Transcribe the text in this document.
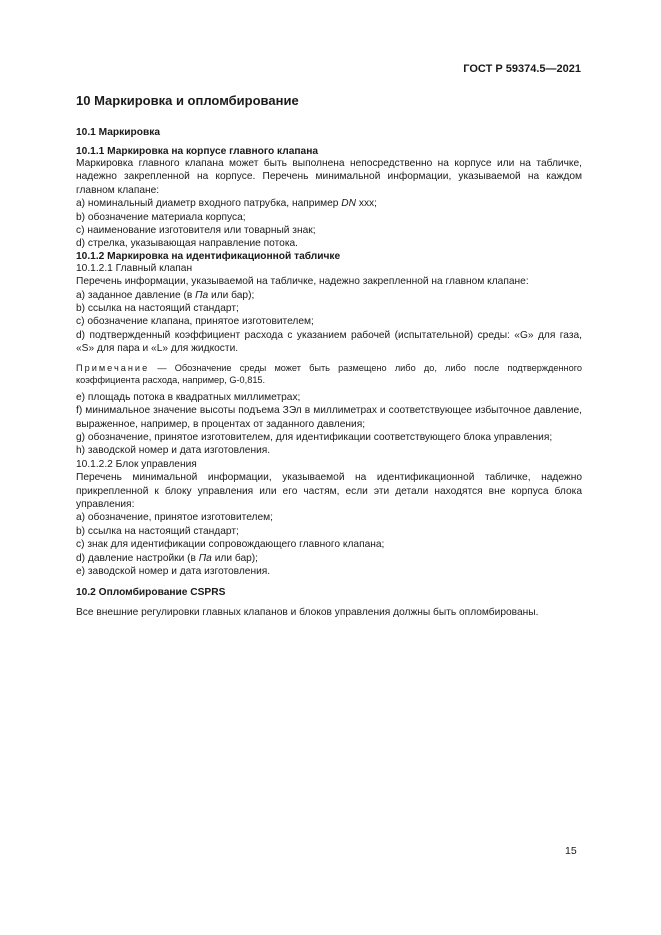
ГОСТ Р 59374.5—2021
10 Маркировка и опломбирование
10.1 Маркировка
10.1.1 Маркировка на корпусе главного клапана

Маркировка главного клапана может быть выполнена непосредственно на корпусе или на табличке, надежно закрепленной на корпусе. Перечень минимальной информации, указываемой на каждом главном клапане:

а) номинальный диаметр входного патрубка, например DN ххх;

b) обозначение материала корпуса;

с) наименование изготовителя или товарный знак;

d) стрелка, указывающая направление потока.

10.1.2 Маркировка на идентификационной табличке

10.1.2.1 Главный клапан

Перечень информации, указываемой на табличке, надежно закрепленной на главном клапане:

а) заданное давление (в Па или бар);

b) ссылка на настоящий стандарт;

с) обозначение клапана, принятое изготовителем;

d) подтвержденный коэффициент расхода с указанием рабочей (испытательной) среды: «G» для газа, «S» для пара и «L» для жидкости.

Примечание — Обозначение среды может быть размещено либо до, либо после подтвержденного коэффициента расхода, например, G-0,815.

е) площадь потока в квадратных миллиметрах;

f) минимальное значение высоты подъема ЗЭл в миллиметрах и соответствующее избыточное давление, выраженное, например, в процентах от заданного давления;

g) обозначение, принятое изготовителем, для идентификации соответствующего блока управления;

h) заводской номер и дата изготовления.

10.1.2.2 Блок управления

Перечень минимальной информации, указываемой на идентификационной табличке, надежно прикрепленной к блоку управления или его частям, если эти детали находятся вне корпуса блока управления:

а) обозначение, принятое изготовителем;

b) ссылка на настоящий стандарт;

с) знак для идентификации сопровождающего главного клапана;

d) давление настройки (в Па или бар);

е) заводской номер и дата изготовления.

10.2 Опломбирование CSPRS

Все внешние регулировки главных клапанов и блоков управления должны быть опломбированы.

15
